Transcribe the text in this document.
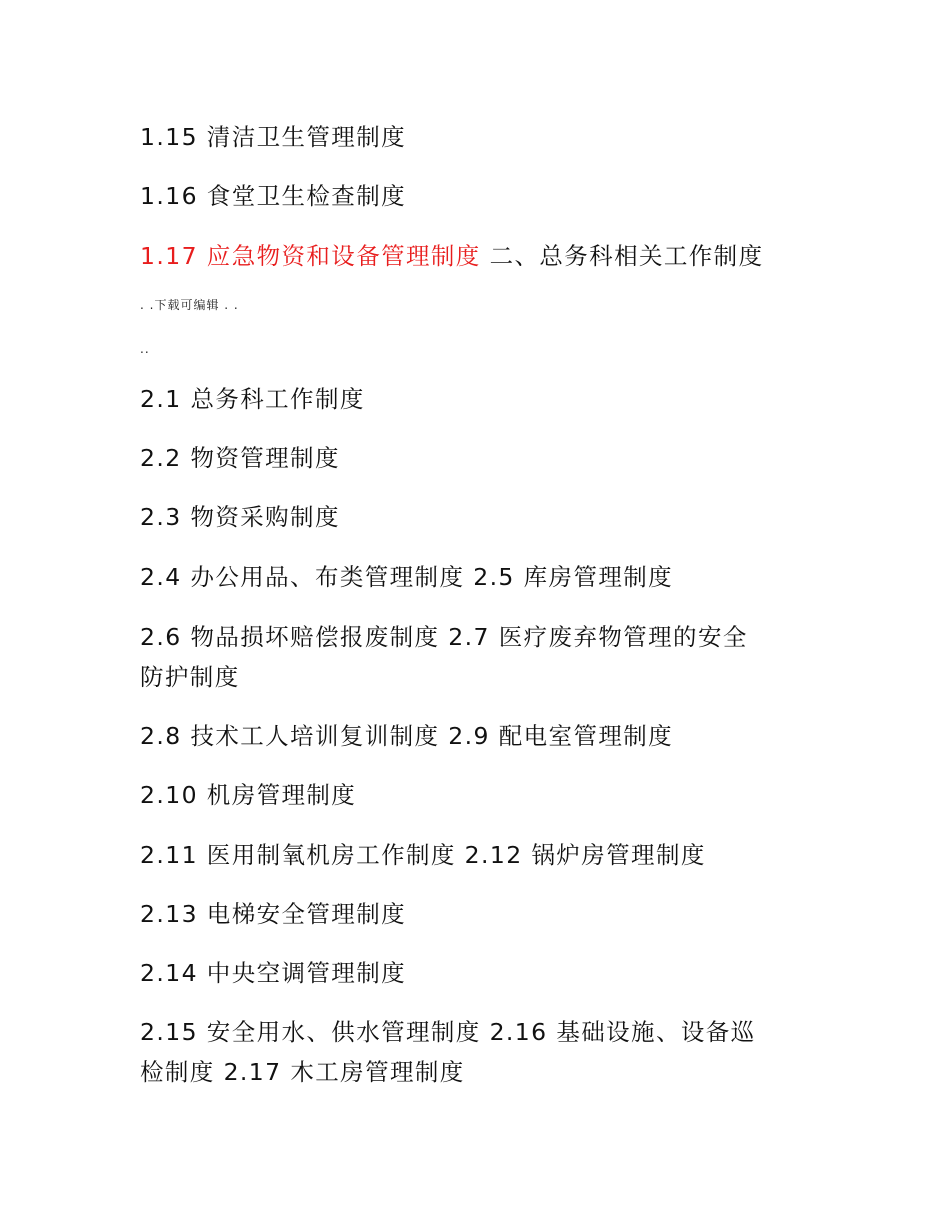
1.15 清洁卫生管理制度
1.16 食堂卫生检查制度
1.17 应急物资和设备管理制度 二、总务科相关工作制度
. .下载可编辑 . .
..
2.1 总务科工作制度
2.2 物资管理制度
2.3 物资采购制度
2.4 办公用品、布类管理制度 2.5 库房管理制度
2.6 物品损坏赔偿报废制度 2.7 医疗废弃物管理的安全
防护制度
2.8 技术工人培训复训制度 2.9 配电室管理制度
2.10 机房管理制度
2.11 医用制氧机房工作制度 2.12 锅炉房管理制度
2.13 电梯安全管理制度
2.14 中央空调管理制度
2.15 安全用水、供水管理制度 2.16 基础设施、设备巡
检制度 2.17 木工房管理制度
